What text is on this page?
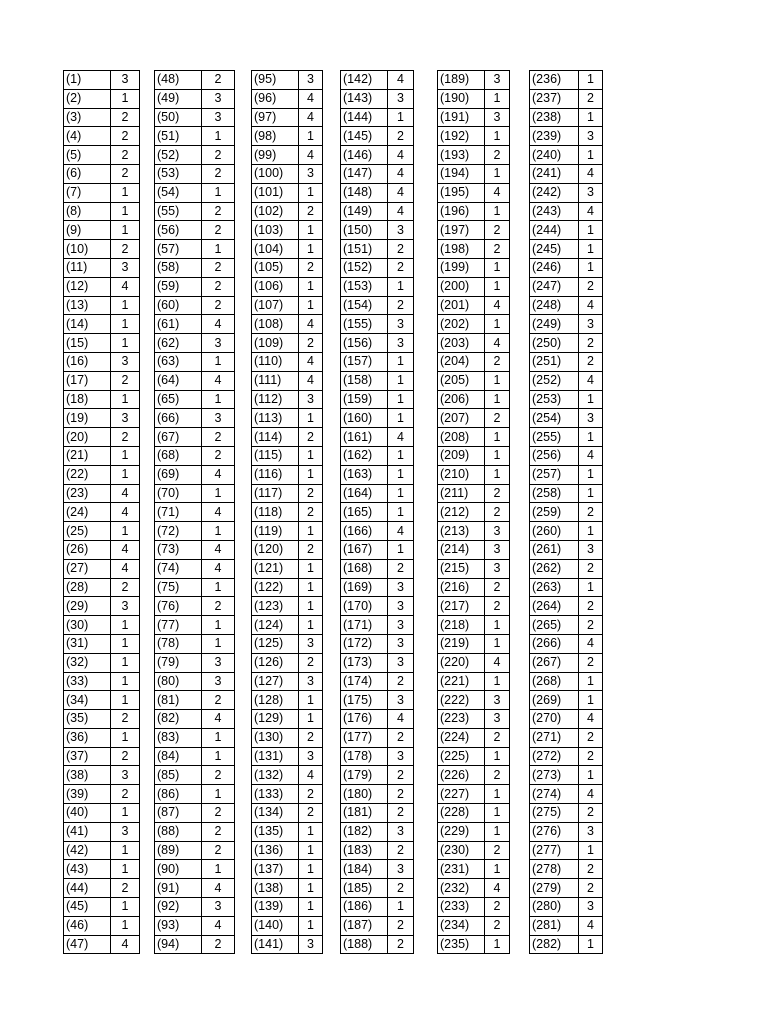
(1)	3
(2)	1
(3)	2
(4)	2
(5)	2
(6)	2
(7)	1
(8)	1
(9)	1
(10)	2
(11)	3
(12)	4
(13)	1
(14)	1
(15)	1
(16)	3
(17)	2
(18)	1
(19)	3
(20)	2
(21)	1
(22)	1
(23)	4
(24)	4
(25)	1
(26)	4
(27)	4
(28)	2
(29)	3
(30)	1
(31)	1
(32)	1
(33)	1
(34)	1
(35)	2
(36)	1
(37)	2
(38)	3
(39)	2
(40)	1
(41)	3
(42)	1
(43)	1
(44)	2
(45)	1
(46)	1
(47)	4
(48)	2
(49)	3
(50)	3
(51)	1
(52)	2
(53)	2
(54)	1
(55)	2
(56)	2
(57)	1
(58)	2
(59)	2
(60)	2
(61)	4
(62)	3
(63)	1
(64)	4
(65)	1
(66)	3
(67)	2
(68)	2
(69)	4
(70)	1
(71)	4
(72)	1
(73)	4
(74)	4
(75)	1
(76)	2
(77)	1
(78)	1
(79)	3
(80)	3
(81)	2
(82)	4
(83)	1
(84)	1
(85)	2
(86)	1
(87)	2
(88)	2
(89)	2
(90)	1
(91)	4
(92)	3
(93)	4
(94)	2
(95)	3
(96)	4
(97)	4
(98)	1
(99)	4
(100)	3
(101)	1
(102)	2
(103)	1
(104)	1
(105)	2
(106)	1
(107)	1
(108)	4
(109)	2
(110)	4
(111)	4
(112)	3
(113)	1
(114)	2
(115)	1
(116)	1
(117)	2
(118)	2
(119)	1
(120)	2
(121)	1
(122)	1
(123)	1
(124)	1
(125)	3
(126)	2
(127)	3
(128)	1
(129)	1
(130)	2
(131)	3
(132)	4
(133)	2
(134)	2
(135)	1
(136)	1
(137)	1
(138)	1
(139)	1
(140)	1
(141)	3
(142)	4
(143)	3
(144)	1
(145)	2
(146)	4
(147)	4
(148)	4
(149)	4
(150)	3
(151)	2
(152)	2
(153)	1
(154)	2
(155)	3
(156)	3
(157)	1
(158)	1
(159)	1
(160)	1
(161)	4
(162)	1
(163)	1
(164)	1
(165)	1
(166)	4
(167)	1
(168)	2
(169)	3
(170)	3
(171)	3
(172)	3
(173)	3
(174)	2
(175)	3
(176)	4
(177)	2
(178)	3
(179)	2
(180)	2
(181)	2
(182)	3
(183)	2
(184)	3
(185)	2
(186)	1
(187)	2
(188)	2
(189)	3
(190)	1
(191)	3
(192)	1
(193)	2
(194)	1
(195)	4
(196)	1
(197)	2
(198)	2
(199)	1
(200)	1
(201)	4
(202)	1
(203)	4
(204)	2
(205)	1
(206)	1
(207)	2
(208)	1
(209)	1
(210)	1
(211)	2
(212)	2
(213)	3
(214)	3
(215)	3
(216)	2
(217)	2
(218)	1
(219)	1
(220)	4
(221)	1
(222)	3
(223)	3
(224)	2
(225)	1
(226)	2
(227)	1
(228)	1
(229)	1
(230)	2
(231)	1
(232)	4
(233)	2
(234)	2
(235)	1
(236)	1
(237)	2
(238)	1
(239)	3
(240)	1
(241)	4
(242)	3
(243)	4
(244)	1
(245)	1
(246)	1
(247)	2
(248)	4
(249)	3
(250)	2
(251)	2
(252)	4
(253)	1
(254)	3
(255)	1
(256)	4
(257)	1
(258)	1
(259)	2
(260)	1
(261)	3
(262)	2
(263)	1
(264)	2
(265)	2
(266)	4
(267)	2
(268)	1
(269)	1
(270)	4
(271)	2
(272)	2
(273)	1
(274)	4
(275)	2
(276)	3
(277)	1
(278)	2
(279)	2
(280)	3
(281)	4
(282)	1
